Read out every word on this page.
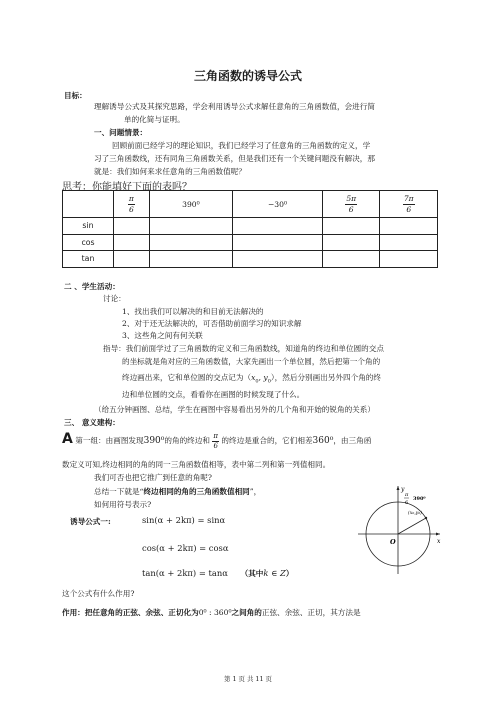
三角函数的诱导公式
目标：
理解诱导公式及其探究思路，学会利用诱导公式求解任意角的三角函数值，会进行简
单的化简与证明。
一、问题情景：
回顾前面已经学习的理论知识，我们已经学习了任意角的三角函数的定义，学
习了三角函数线，还有同角三角函数关系，但是我们还有一个关键问题没有解决，那
就是：我们如何来求任意角的三角函数值呢？
思考：你能填好下面的表吗？

	$\frac{\pi}{6}$	390⁰	−30⁰	$\frac{5\pi}{6}$	$\frac{7\pi}{6}$

sin					
cos					
tan					
二 、学生活动：
讨论：
1、找出我们可以解决的和目前无法解决的
2、对于还无法解决的，可否借助前面学习的知识求解
3、这些角之间有何关联
指导：我们前面学过了三角函数的定义和三角函数线，知道角的终边和单位圆的交点
的坐标就是角对应的三角函数值，大家先画出一个单位圆，然后把第一个角的
终边画出来，它和单位圆的交点记为（$x_0$, $y_0$），然后分别画出另外四个角的终
边和单位圆的交点，看看你在画图的时候发现了什么。
（给五分钟画图、总结，学生在画图中容易看出另外的几个角和开始的锐角的关系）
三、 意义建构：
A 第一组：由画图发现390⁰的角的终边和 $\frac{\pi}{6}$ 的终边是重合的，它们相差360⁰，由三角函
数定义可知,终边相同的角的同一三角函数值相等，表中第二列和第一列值相同。
我们可否也把它推广到任意的角呢?
总结一下就是“终边相同的角的三角函数值相同”，
如何用符号表示?
诱导公式一:	sin(α + 2kπ) = sinα
cos(α + 2kπ) = cosα
tan(α + 2kπ) = tanα （其中k ∈ Z）
这个公式有什么作用?
作用：把任意角的正弦、余弦、正切化为0⁰ : 360⁰之间角的正弦、余弦、正切，其方法是
y
x
O
π
6
390⁰
(x₀,y₀)
第 1 页 共 11 页
